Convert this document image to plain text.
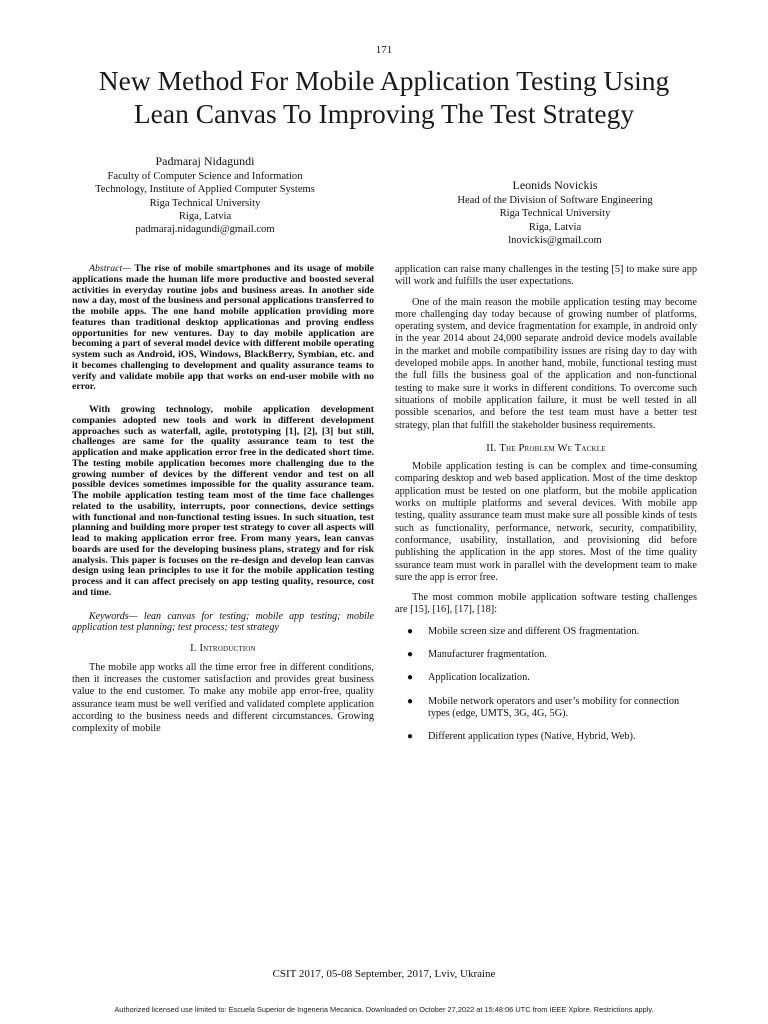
171
New Method For Mobile Application Testing Using
Lean Canvas To Improving The Test Strategy
Padmaraj Nidagundi
Faculty of Computer Science and Information
Technology, Institute of Applied Computer Systems
Riga Technical University
Riga, Latvia
padmaraj.nidagundi@gmail.com
Leonids Novickis
Head of the Division of Software Engineering
Riga Technical University
Riga, Latvia
lnovickis@gmail.com

Abstract— The rise of mobile smartphones and its usage of mobile applications made the human life more productive and boosted several activities in everyday routine jobs and business areas. In another side now a day, most of the business and personal applications transferred to the mobile apps. The one hand mobile application providing more features than traditional desktop applicationas and proving endless opportunities for new ventures. Day to day mobile application are becoming a part of several model device with different mobile operating system such as Android, iOS, Windows, BlackBerry, Symbian, etc. and it becomes challenging to development and quality assurance teams to verify and validate mobile app that works on end-user mobile with no error.

With growing technology, mobile application development companies adopted new tools and work in different development approaches such as waterfall, agile, prototyping [1], [2], [3] but still, challenges are same for the quality assurance team to test the application and make application error free in the dedicated short time. The testing mobile application becomes more challenging due to the growing number of devices by the different vendor and test on all possible devices sometimes impossible for the quality assurance team. The mobile application testing team most of the time face challenges related to the usability, interrupts, poor connections, device settings with functional and non-functional testing issues. In such situation, test planning and building more proper test strategy to cover all aspects will lead to making application error free. From many years, lean canvas boards are used for the developing business plans, strategy and for risk analysis. This paper is focuses on the re-design and develop lean canvas design using lean principles to use it for the mobile application testing process and it can affect precisely on app testing quality, resource, cost and time.

Keywords— lean canvas for testing; mobile app testing; mobile application test planning; test process; test strategy

I. Introduction

The mobile app works all the time error free in different conditions, then it increases the customer satisfaction and provides great business value to the end customer. To make any mobile app error-free, quality assurance team must be well verified and validated complete application according to the business needs and different circumstances. Growing complexity of mobile

application can raise many challenges in the testing [5] to make sure app will work and fulfills the user expectations.

One of the main reason the mobile application testing may become more challenging day today because of growing number of platforms, operating system, and device fragmentation for example, in android only in the year 2014 about 24,000 separate android device models available in the market and mobile compatibility issues are rising day to day with developed mobile apps. In another hand, mobile, functional testing must the full fills the business goal of the application and non-functional testing to make sure it works in different conditions. To overcome such situations of mobile application failure, it must be well tested in all possible scenarios, and before the test team must have a better test strategy, plan that fulfill the stakeholder business requirements.

II. The Problem We Tackle

Mobile application testing is can be complex and time-consuming comparing desktop and web based application. Most of the time desktop application must be tested on one platform, but the mobile application works on multiple platforms and several devices. With mobile app testing, quality assurance team must make sure all possible kinds of tests such as functionality, performance, network, security, compatibility, conformance, usability, installation, and provisioning did before publishing the application in the app stores. Most of the time quality ssurance team must work in parallel with the development team to make sure the app is error free.

The most common mobile application software testing challenges are [15], [16], [17], [18]:

● Mobile screen size and different OS fragmentation.
● Manufacturer fragmentation.
● Application localization.
● Mobile network operators and user’s mobility for connection types (edge, UMTS, 3G, 4G, 5G).
● Different application types (Native, Hybrid, Web).
CSIT 2017, 05-08 September, 2017, Lviv, Ukraine
Authorized licensed use limited to: Escuela Superior de Ingeneria Mecanica. Downloaded on October 27,2022 at 15:48:06 UTC from IEEE Xplore. Restrictions apply.
